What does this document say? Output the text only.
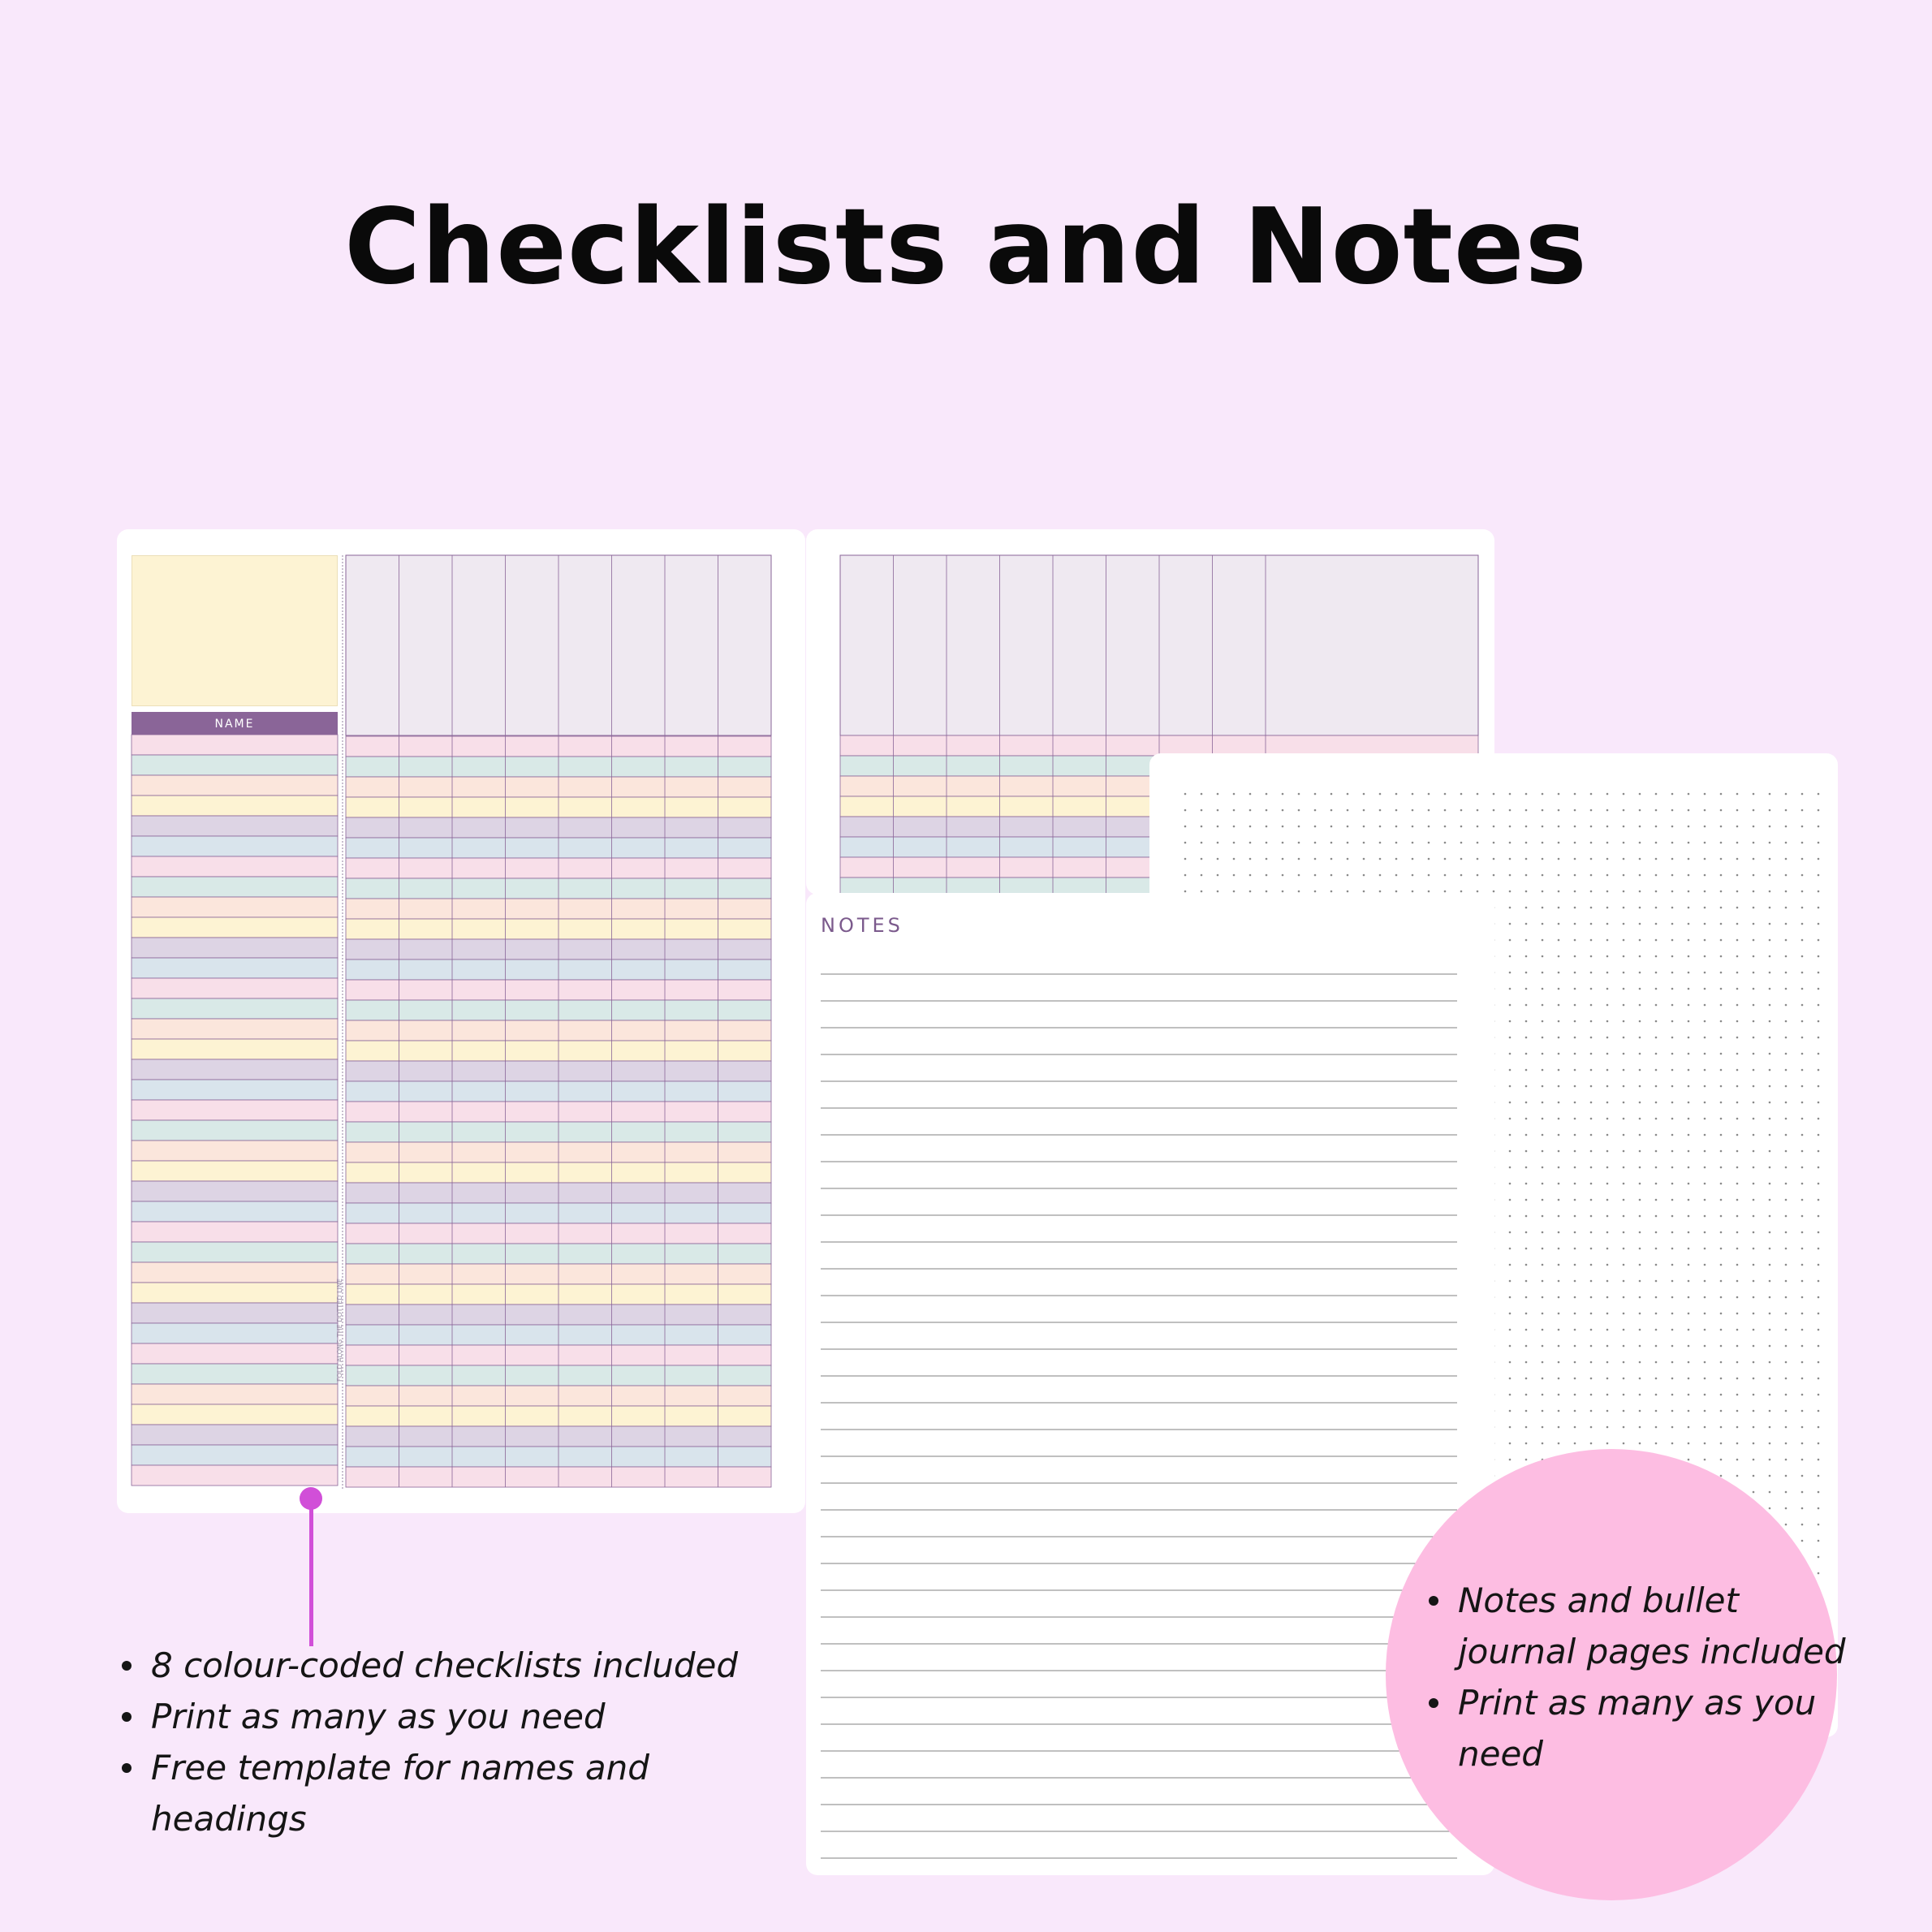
Checklists and Notes
NAME
FOLD ALONG THE DOTTED LINE
NOTES
8 colour-coded checklists included
Print as many as you need
Free template for names and headings
Notes and bullet journal pages included
Print as many as you need
